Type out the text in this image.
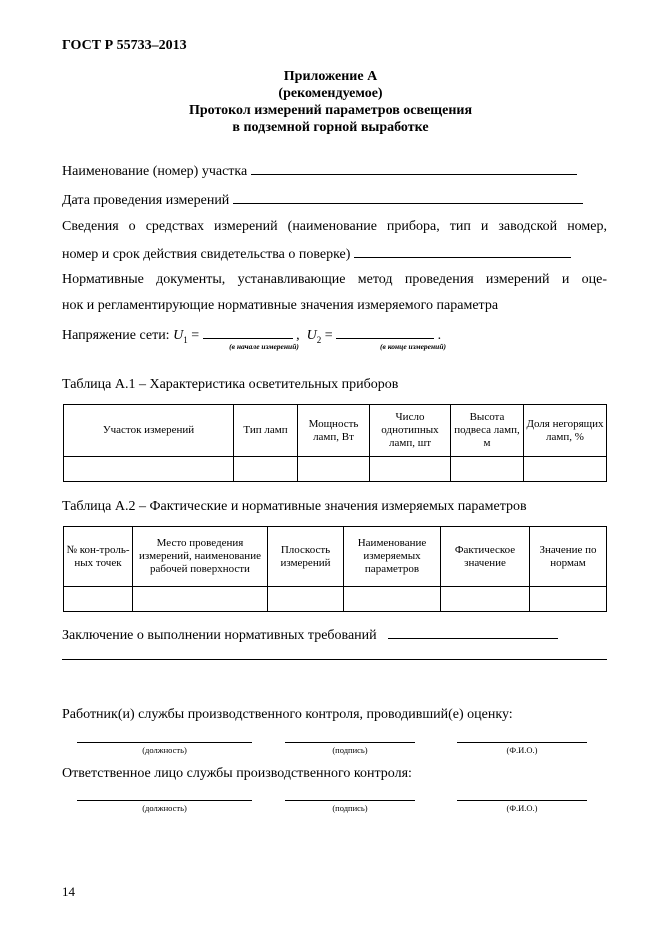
ГОСТ Р 55733–2013
Приложение А
(рекомендуемое)
Протокол измерений параметров освещения
в подземной горной выработке
Наименование (номер) участка
Дата проведения измерений
Сведения о средствах измерений (наименование прибора, тип и заводской номер,
номер и срок действия свидетельства о поверке)
Нормативные документы, устанавливающие метод проведения измерений и оце-
нок и регламентирующие нормативные значения измеряемого параметра
Напряжение сети: $U_1$ =	, $U_2$ =	.
(в начале измерений)	(в конце измерений)
Таблица А.1 – Характеристика осветительных приборов
Участок измерений	Тип ламп	Мощность ламп, Вт	Число однотипных ламп, шт	Высота подвеса ламп, м	Доля негорящих ламп, %

Таблица А.2 – Фактические и нормативные значения измеряемых параметров
№ кон-троль-ных точек	Место проведения измерений, наименование рабочей поверхности	Плоскость измерений	Наименование измеряемых параметров	Фактическое значение	Значение по нормам

Заключение о выполнении нормативных требований
Работник(и) службы производственного контроля, проводивший(е) оценку:
(должность)	(подпись)	(Ф.И.О.)
Ответственное лицо службы производственного контроля:
(должность)	(подпись)	(Ф.И.О.)
14
